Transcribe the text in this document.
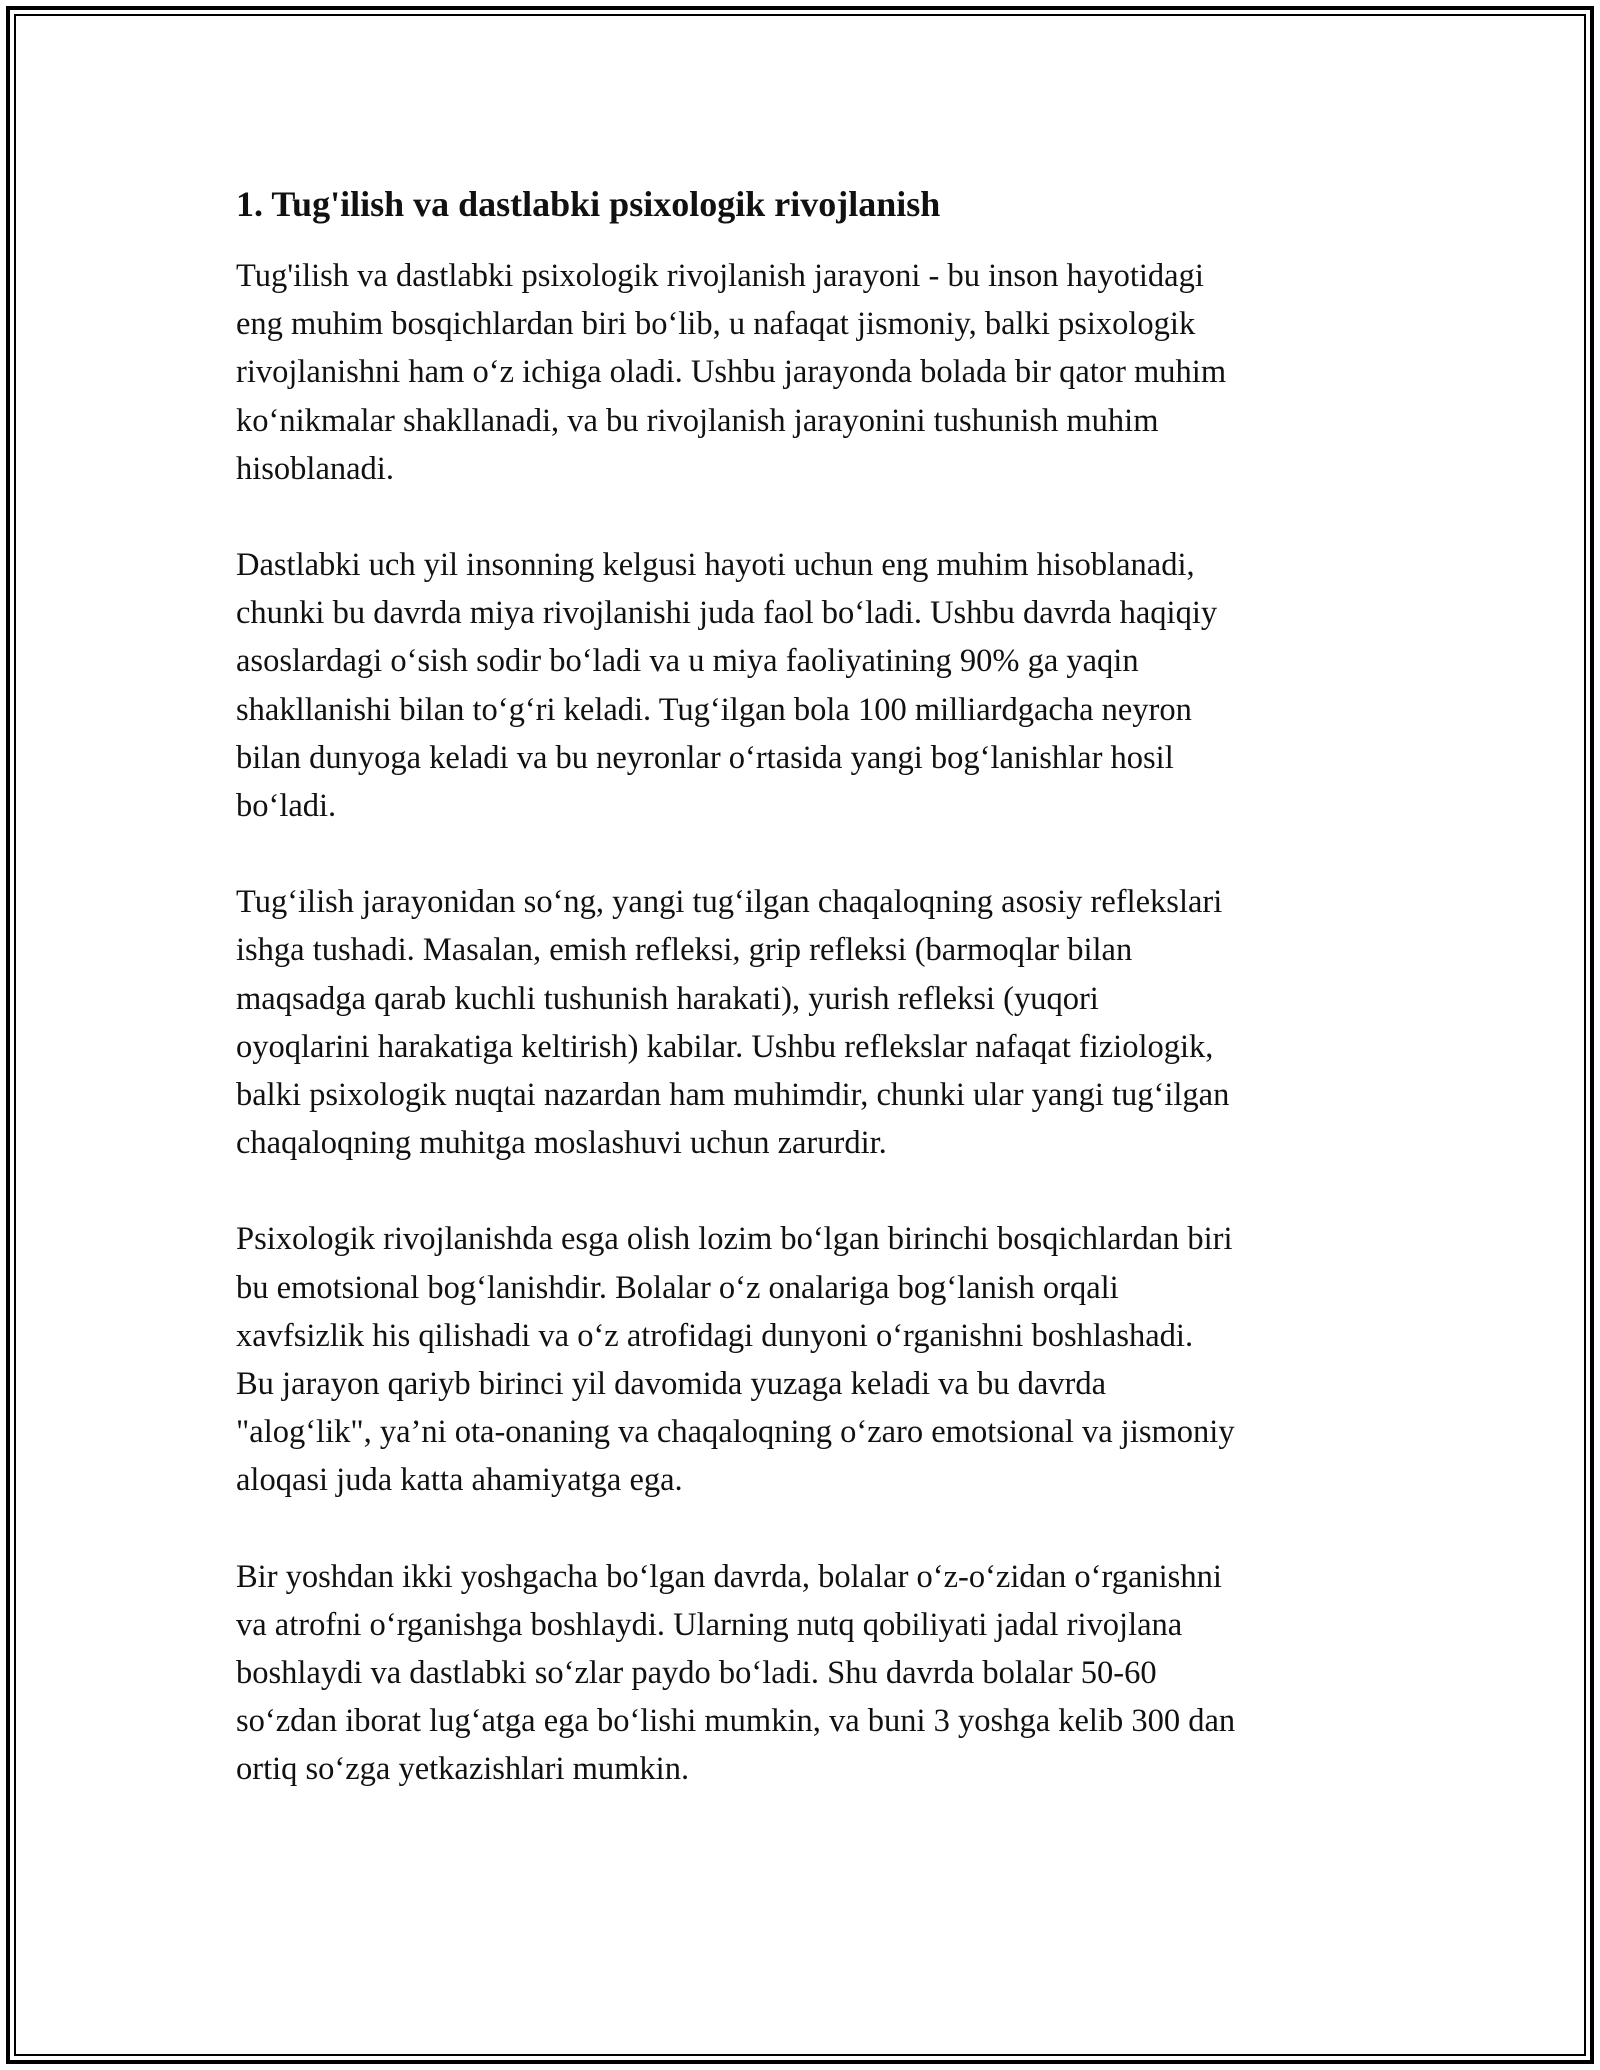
1. Tug'ilish va dastlabki psixologik rivojlanish

Tug'ilish va dastlabki psixologik rivojlanish jarayoni - bu inson hayotidagi
eng muhim bosqichlardan biri bo‘lib, u nafaqat jismoniy, balki psixologik
rivojlanishni ham o‘z ichiga oladi. Ushbu jarayonda bolada bir qator muhim
ko‘nikmalar shakllanadi, va bu rivojlanish jarayonini tushunish muhim
hisoblanadi.

Dastlabki uch yil insonning kelgusi hayoti uchun eng muhim hisoblanadi,
chunki bu davrda miya rivojlanishi juda faol bo‘ladi. Ushbu davrda haqiqiy
asoslardagi o‘sish sodir bo‘ladi va u miya faoliyatining 90% ga yaqin
shakllanishi bilan to‘g‘ri keladi. Tug‘ilgan bola 100 milliardgacha neyron
bilan dunyoga keladi va bu neyronlar o‘rtasida yangi bog‘lanishlar hosil
bo‘ladi.

Tug‘ilish jarayonidan so‘ng, yangi tug‘ilgan chaqaloqning asosiy reflekslari
ishga tushadi. Masalan, emish refleksi, grip refleksi (barmoqlar bilan
maqsadga qarab kuchli tushunish harakati), yurish refleksi (yuqori
oyoqlarini harakatiga keltirish) kabilar. Ushbu reflekslar nafaqat fiziologik,
balki psixologik nuqtai nazardan ham muhimdir, chunki ular yangi tug‘ilgan
chaqaloqning muhitga moslashuvi uchun zarurdir.

Psixologik rivojlanishda esga olish lozim bo‘lgan birinchi bosqichlardan biri
bu emotsional bog‘lanishdir. Bolalar o‘z onalariga bog‘lanish orqali
xavfsizlik his qilishadi va o‘z atrofidagi dunyoni o‘rganishni boshlashadi.
Bu jarayon qariyb birinci yil davomida yuzaga keladi va bu davrda
"alog‘lik", ya’ni ota-onaning va chaqaloqning o‘zaro emotsional va jismoniy
aloqasi juda katta ahamiyatga ega.

Bir yoshdan ikki yoshgacha bo‘lgan davrda, bolalar o‘z-o‘zidan o‘rganishni
va atrofni o‘rganishga boshlaydi. Ularning nutq qobiliyati jadal rivojlana
boshlaydi va dastlabki so‘zlar paydo bo‘ladi. Shu davrda bolalar 50-60
so‘zdan iborat lug‘atga ega bo‘lishi mumkin, va buni 3 yoshga kelib 300 dan
ortiq so‘zga yetkazishlari mumkin.
